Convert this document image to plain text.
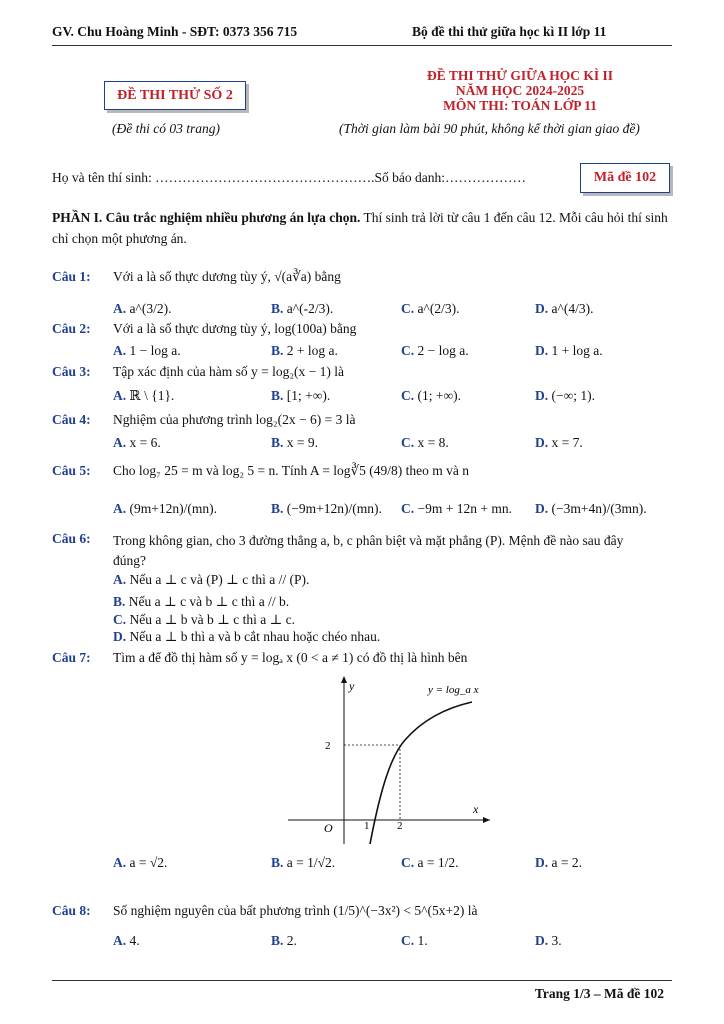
GV. Chu Hoàng Minh - SĐT: 0373 356 715	Bộ đề thi thử giữa học kì II lớp 11
ĐỀ THI THỬ SỐ 2
(Đề thi có 03 trang)
ĐỀ THI THỬ GIỮA HỌC KÌ II
NĂM HỌC 2024-2025
MÔN THI: TOÁN LỚP 11
(Thời gian làm bài 90 phút, không kể thời gian giao đề)
Họ và tên thí sinh: ………………………………………….Số báo danh:………………	Mã đề 102
PHẦN I. Câu trắc nghiệm nhiều phương án lựa chọn. Thí sinh trả lời từ câu 1 đến câu 12. Mỗi câu hỏi thí sinh chỉ chọn một phương án.
Câu 1: Với a là số thực dương tùy ý, √(a∛a) bằng
A. a^(3/2).	B. a^(-2/3).	C. a^(2/3).	D. a^(4/3).
Câu 2: Với a là số thực dương tùy ý, log(100a) bằng
A. 1 − log a.	B. 2 + log a.	C. 2 − log a.	D. 1 + log a.
Câu 3: Tập xác định của hàm số y = log₂(x − 1) là
A. ℝ \ {1}.	B. [1; +∞).	C. (1; +∞).	D. (−∞; 1).
Câu 4: Nghiệm của phương trình log₂(2x − 6) = 3 là
A. x = 6.	B. x = 9.	C. x = 8.	D. x = 7.
Câu 5: Cho log₇ 25 = m và log₂ 5 = n. Tính A = log∛5 (49/8) theo m và n
A. (9m+12n)/(mn).	B. (−9m+12n)/(mn). C. −9m + 12n + mn. D. (−3m+4n)/(3mn).
Câu 6: Trong không gian, cho 3 đường thẳng a, b, c phân biệt và mặt phẳng (P). Mệnh đề nào sau đây đúng?
A. Nếu a ⊥ c và (P) ⊥ c thì a // (P).
B. Nếu a ⊥ c và b ⊥ c thì a // b.
C. Nếu a ⊥ b và b ⊥ c thì a ⊥ c.
D. Nếu a ⊥ b thì a và b cắt nhau hoặc chéo nhau.
Câu 7: Tìm a để đồ thị hàm số y = logₐ x (0 < a ≠ 1) có đồ thị là hình bên
y
x
O	1	2
2
y = log_a x
A. a = √2.	B. a = 1/√2.	C. a = 1/2.	D. a = 2.
Câu 8: Số nghiệm nguyên của bất phương trình (1/5)^(−3x²) < 5^(5x+2) là
A. 4.	B. 2.	C. 1.	D. 3.
Trang 1/3 – Mã đề 102
